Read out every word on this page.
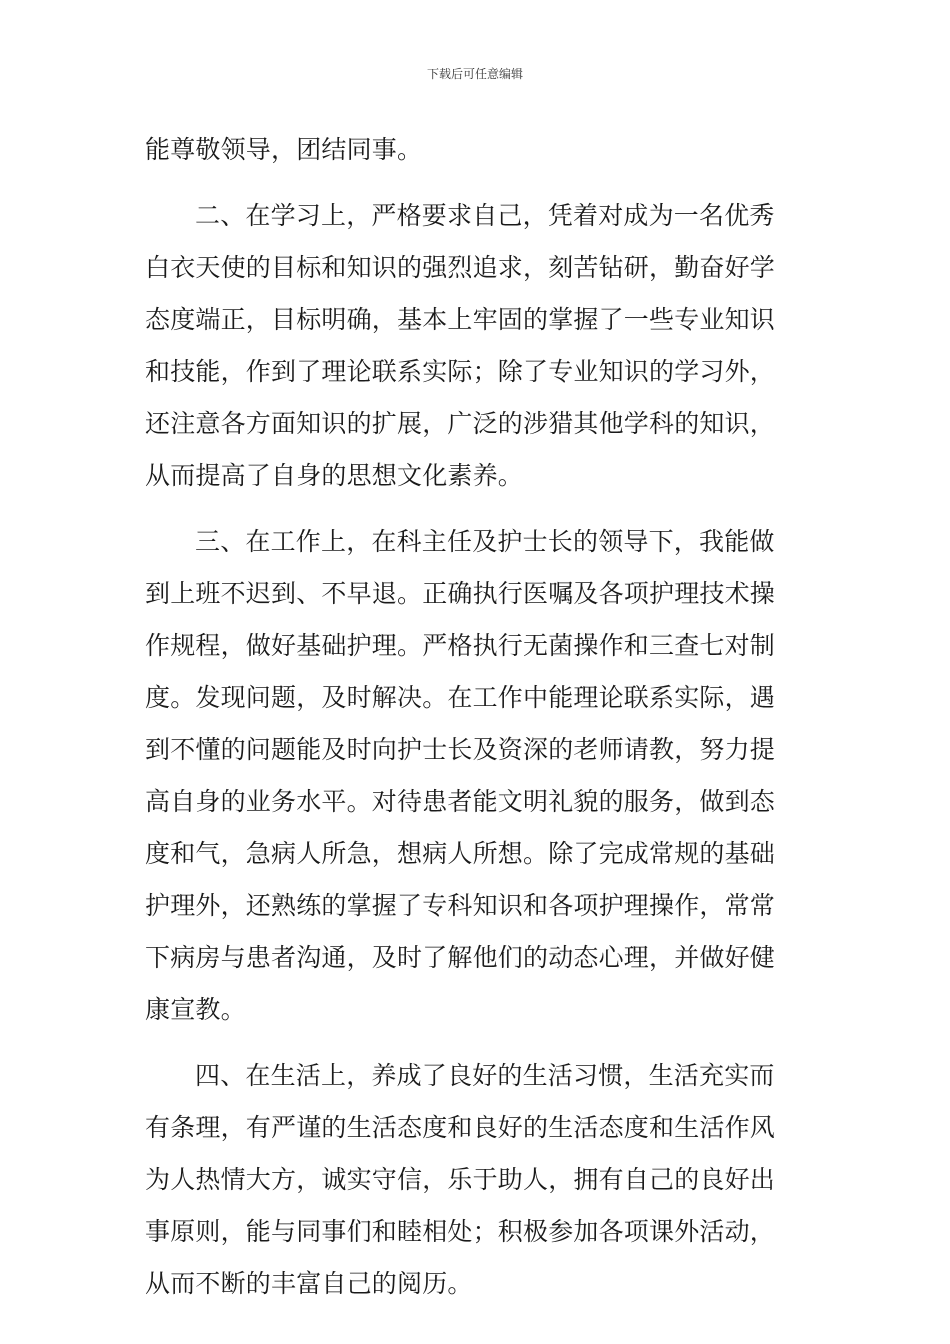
下载后可任意编辑
能尊敬领导，团结同事。
二、在学习上，严格要求自己，凭着对成为一名优秀
白衣天使的目标和知识的强烈追求，刻苦钻研，勤奋好学
态度端正，目标明确，基本上牢固的掌握了一些专业知识
和技能，作到了理论联系实际；除了专业知识的学习外，
还注意各方面知识的扩展，广泛的涉猎其他学科的知识，
从而提高了自身的思想文化素养。
三、在工作上，在科主任及护士长的领导下，我能做
到上班不迟到、不早退。正确执行医嘱及各项护理技术操
作规程，做好基础护理。严格执行无菌操作和三查七对制
度。发现问题，及时解决。在工作中能理论联系实际，遇
到不懂的问题能及时向护士长及资深的老师请教，努力提
高自身的业务水平。对待患者能文明礼貌的服务，做到态
度和气，急病人所急，想病人所想。除了完成常规的基础
护理外，还熟练的掌握了专科知识和各项护理操作，常常
下病房与患者沟通，及时了解他们的动态心理，并做好健
康宣教。
四、在生活上，养成了良好的生活习惯，生活充实而
有条理，有严谨的生活态度和良好的生活态度和生活作风
为人热情大方，诚实守信，乐于助人，拥有自己的良好出
事原则，能与同事们和睦相处；积极参加各项课外活动，
从而不断的丰富自己的阅历。
